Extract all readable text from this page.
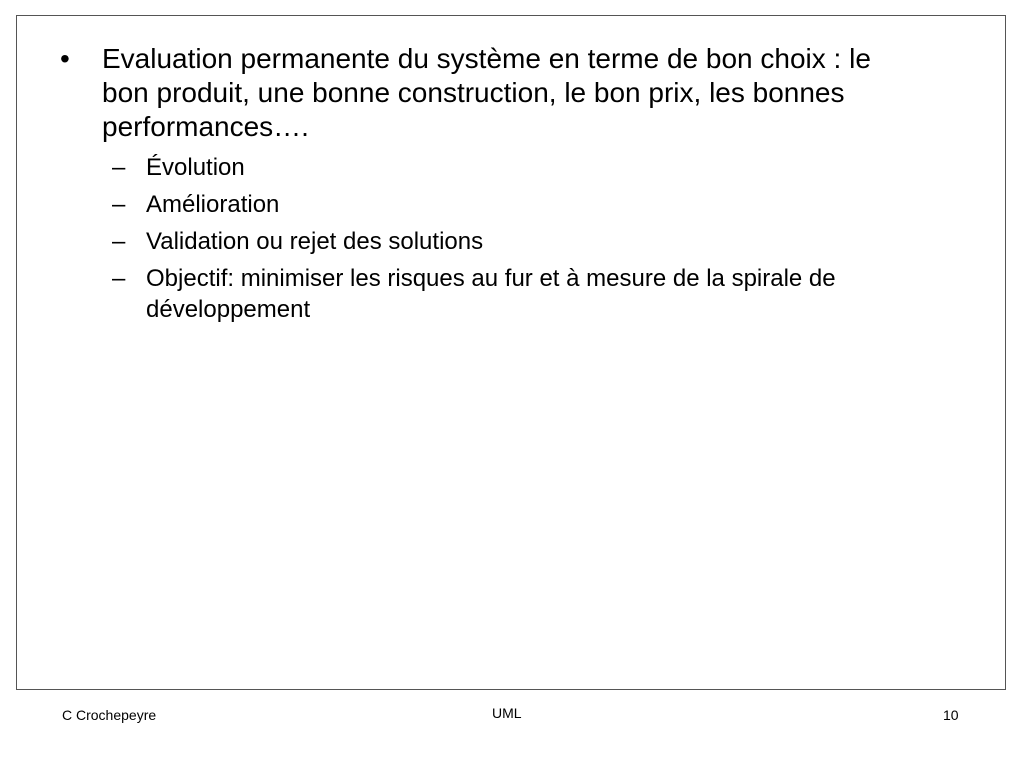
• Evaluation permanente du système en terme de bon choix : le bon produit, une bonne construction, le bon prix, les bonnes performances….
– Évolution
– Amélioration
– Validation ou rejet des solutions
– Objectif: minimiser les risques au fur et à mesure de la spirale de développement
C Crochepeyre	UML	10
